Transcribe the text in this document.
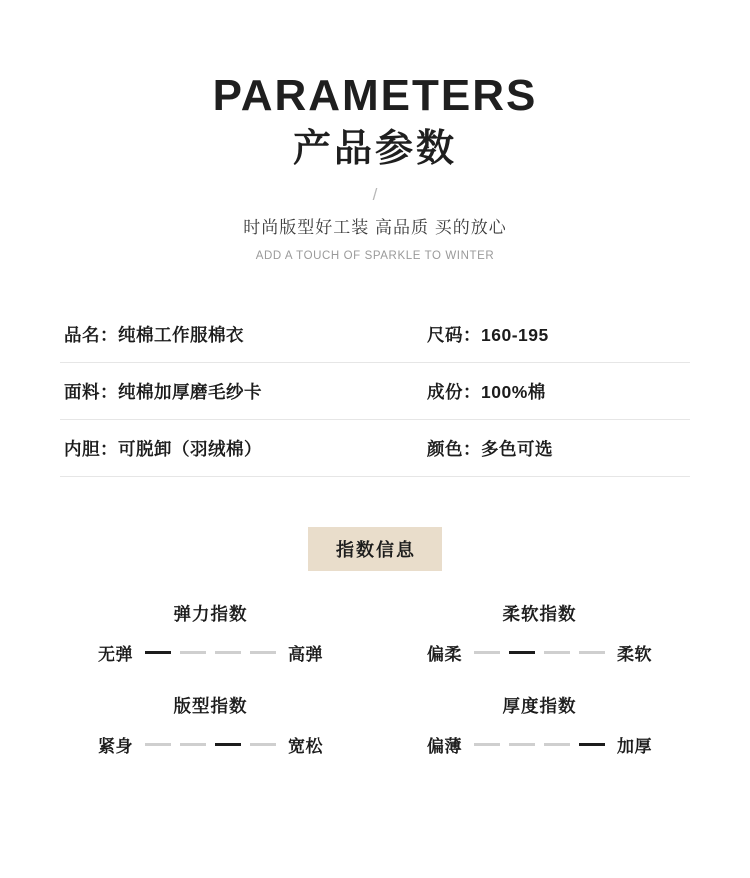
PARAMETERS
产品参数
/
时尚版型好工装 高品质 买的放心
ADD A TOUCH OF SPARKLE TO WINTER
品名：纯棉工作服棉衣	尺码：160-195
面料：纯棉加厚磨毛纱卡	成份：100%棉
内胆：可脱卸（羽绒棉）	颜色：多色可选
指数信息
弹力指数
无弹	高弹
柔软指数
偏柔	柔软
版型指数
紧身	宽松
厚度指数
偏薄	加厚
